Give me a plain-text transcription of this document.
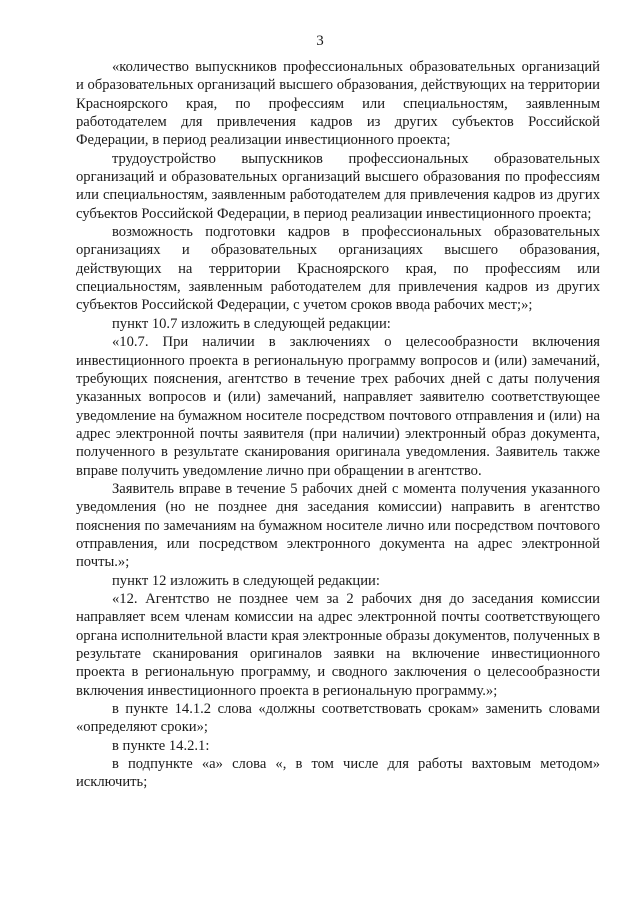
3

«количество выпускников профессиональных образовательных организаций и образовательных организаций высшего образования, действующих на территории Красноярского края, по профессиям или специальностям, заявленным работодателем для привлечения кадров из других субъектов Российской Федерации, в период реализации инвестиционного проекта;

трудоустройство выпускников профессиональных образовательных организаций и образовательных организаций высшего образования по профессиям или специальностям, заявленным работодателем для привлечения кадров из других субъектов Российской Федерации, в период реализации инвестиционного проекта;

возможность подготовки кадров в профессиональных образовательных организациях и образовательных организациях высшего образования, действующих на территории Красноярского края, по профессиям или специальностям, заявленным работодателем для привлечения кадров из других субъектов Российской Федерации, с учетом сроков ввода рабочих мест;»;

пункт 10.7 изложить в следующей редакции:

«10.7. При наличии в заключениях о целесообразности включения инвестиционного проекта в региональную программу вопросов и (или) замечаний, требующих пояснения, агентство в течение трех рабочих дней с даты получения указанных вопросов и (или) замечаний, направляет заявителю соответствующее уведомление на бумажном носителе посредством почтового отправления и (или) на адрес электронной почты заявителя (при наличии) электронный образ документа, полученного в результате сканирования оригинала уведомления. Заявитель также вправе получить уведомление лично при обращении в агентство.

Заявитель вправе в течение 5 рабочих дней с момента получения указанного уведомления (но не позднее дня заседания комиссии) направить в агентство пояснения по замечаниям на бумажном носителе лично или посредством почтового отправления, или посредством электронного документа на адрес электронной почты.»;

пункт 12 изложить в следующей редакции:

«12. Агентство не позднее чем за 2 рабочих дня до заседания комиссии направляет всем членам комиссии на адрес электронной почты соответствующего органа исполнительной власти края электронные образы документов, полученных в результате сканирования оригиналов заявки на включение инвестиционного проекта в региональную программу, и сводного заключения о целесообразности включения инвестиционного проекта в региональную программу.»;

в пункте 14.1.2 слова «должны соответствовать срокам» заменить словами «определяют сроки»;

в пункте 14.2.1:

в подпункте «а» слова «, в том числе для работы вахтовым методом» исключить;
